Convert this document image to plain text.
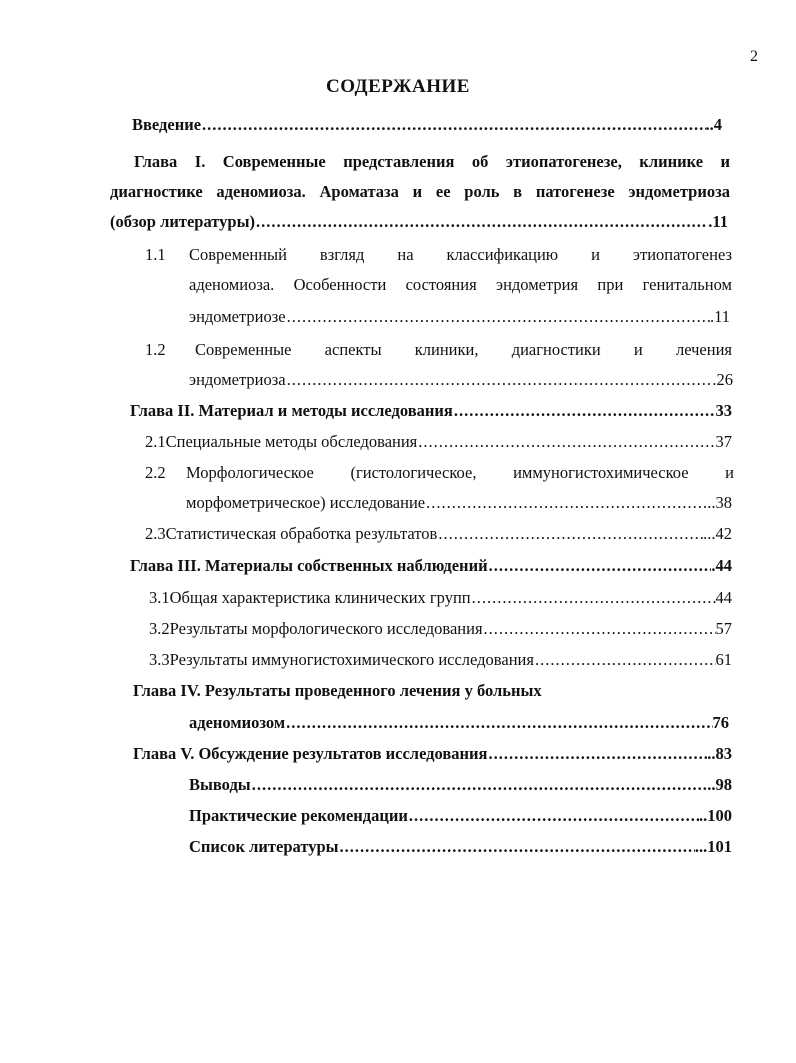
2
СОДЕРЖАНИЕ
Введение .....	..4
Глава I. Современные представления об этиопатогенезе, клинике и
диагностике аденомиоза. Ароматаза и ее роль в патогенезе эндометриоза
(обзор литературы) .....	.11
1.1	Современный взгляд на классификацию и этиопатогенез
аденомиоза. Особенности состояния эндометрия при генитальном
эндометриозе .....	.11
1.2	Современные аспекты клиники, диагностики и лечения
эндометриоза .....	.26
Глава II. Материал и методы исследования .....	33
2.1 Специальные методы обследования .....	37
2.2	Морфологическое (гистологическое, иммуногистохимическое и
морфометрическое) исследование .....	..38
2.3 Статистическая обработка результатов .....	...42
Глава III. Материалы собственных наблюдений .....	.44
3.1 Общая характеристика клинических групп .....	44
3.2 Результаты морфологического исследования .....	57
3.3 Результаты иммуногистохимического исследования .....	61
Глава IV. Результаты проведенного лечения у больных
аденомиозом .....	76
Глава V. Обсуждение результатов исследования .....	..83
Выводы .....	..98
Практические рекомендации .....	..100
Список литературы .....	...101
